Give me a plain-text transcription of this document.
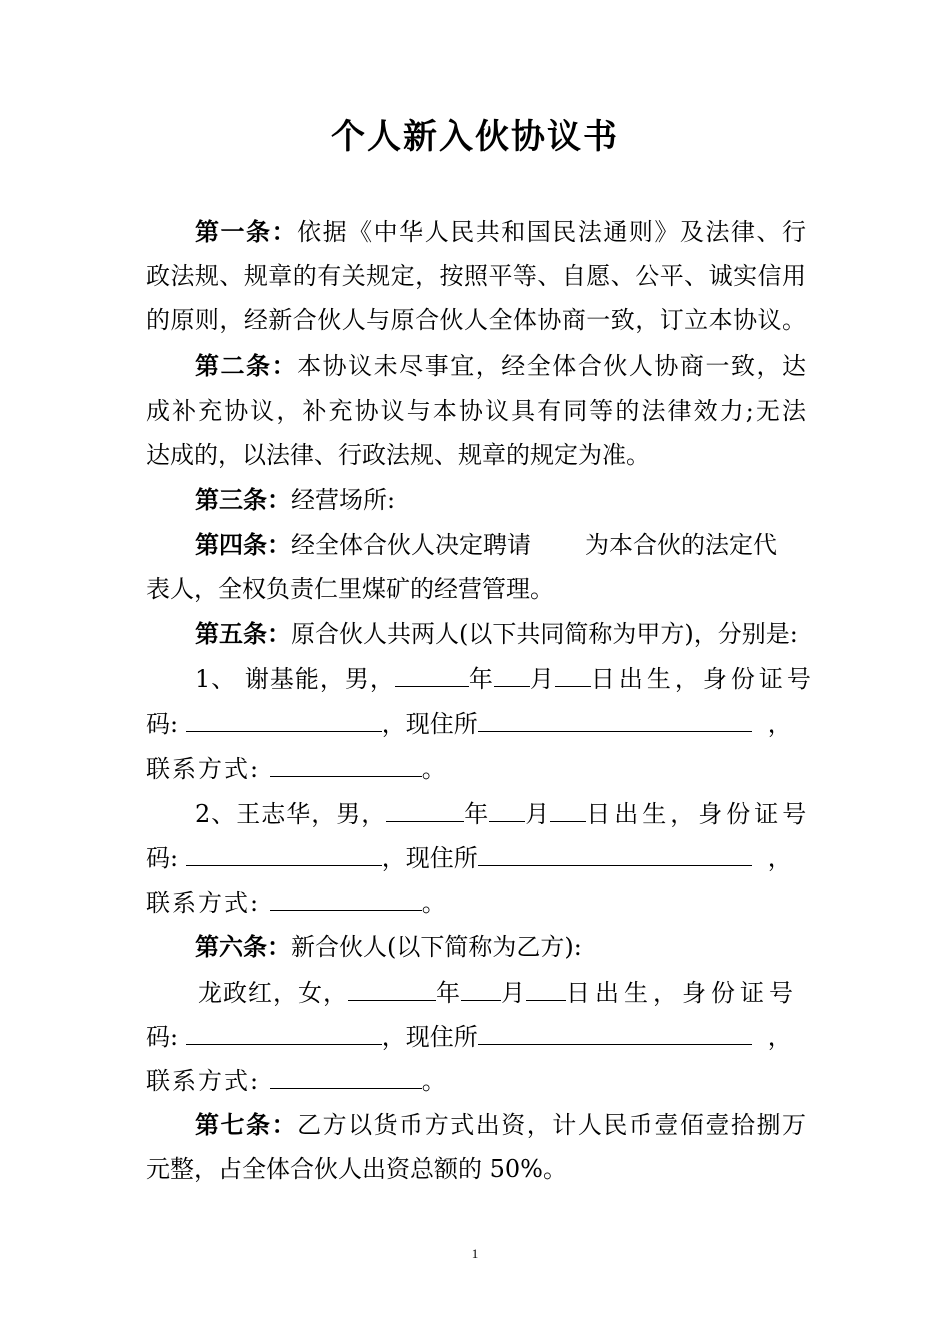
个人新入伙协议书
第一条：依据《中华人民共和国民法通则》及法律、行
政法规、规章的有关规定，按照平等、自愿、公平、诚实信用
的原则，经新合伙人与原合伙人全体协商一致，订立本协议。
第二条：本协议未尽事宜，经全体合伙人协商一致，达
成补充协议，补充协议与本协议具有同等的法律效力;无法
达成的，以法律、行政法规、规章的规定为准。
第三条：经营场所:
第四条：经全体合伙人决定聘请 为本合伙的法定代
表人，全权负责仁里煤矿的经营管理。
第五条：原合伙人共两人(以下共同简称为甲方)，分别是:
1、 谢基能，男，	年 月 日出生，身份证号
码:	，现住所	，
联系方式:	。
2、王志华，男，	年 月 日出生，身份证号
码:	，现住所	，
联系方式:	。
第六条：新合伙人(以下简称为乙方):
龙政红，女，	年 月 日出生，身份证号
码:	，现住所	，
联系方式:	。
第七条：乙方以货币方式出资，计人民币壹佰壹拾捌万
元整，占全体合伙人出资总额的 50%。
1
